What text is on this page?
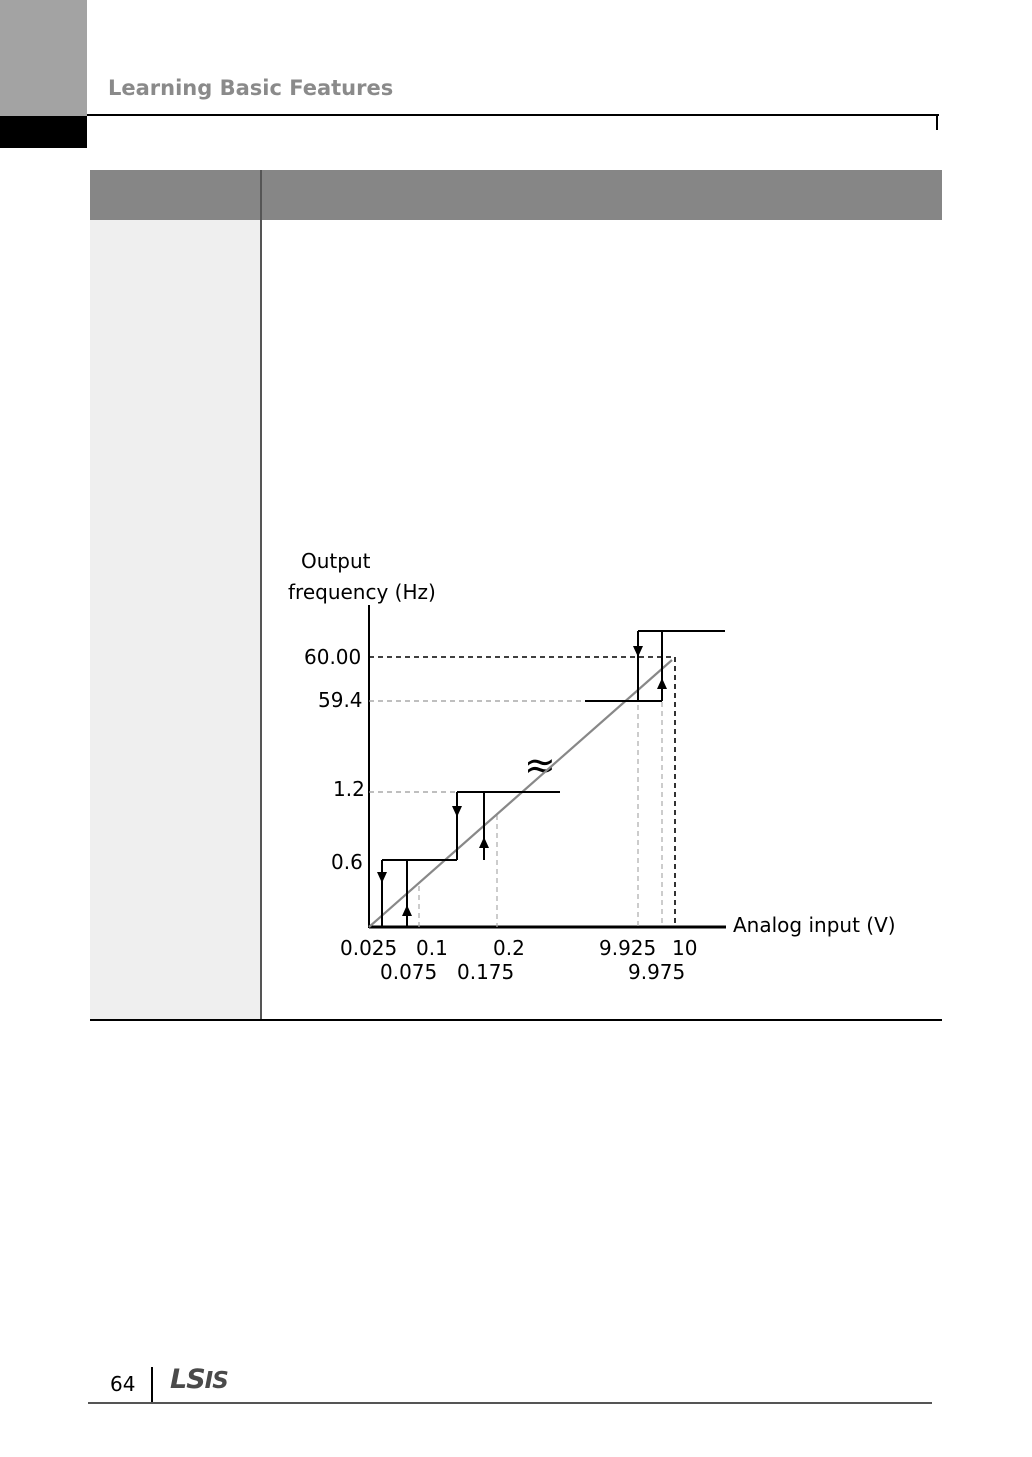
Learning Basic Features
Output
frequency (Hz)
Analog input (V)
60.00
59.4
1.2
0.6
0.025 0.1 0.2	9.925 10
0.075 0.175	9.975
≈
64 LSIS
